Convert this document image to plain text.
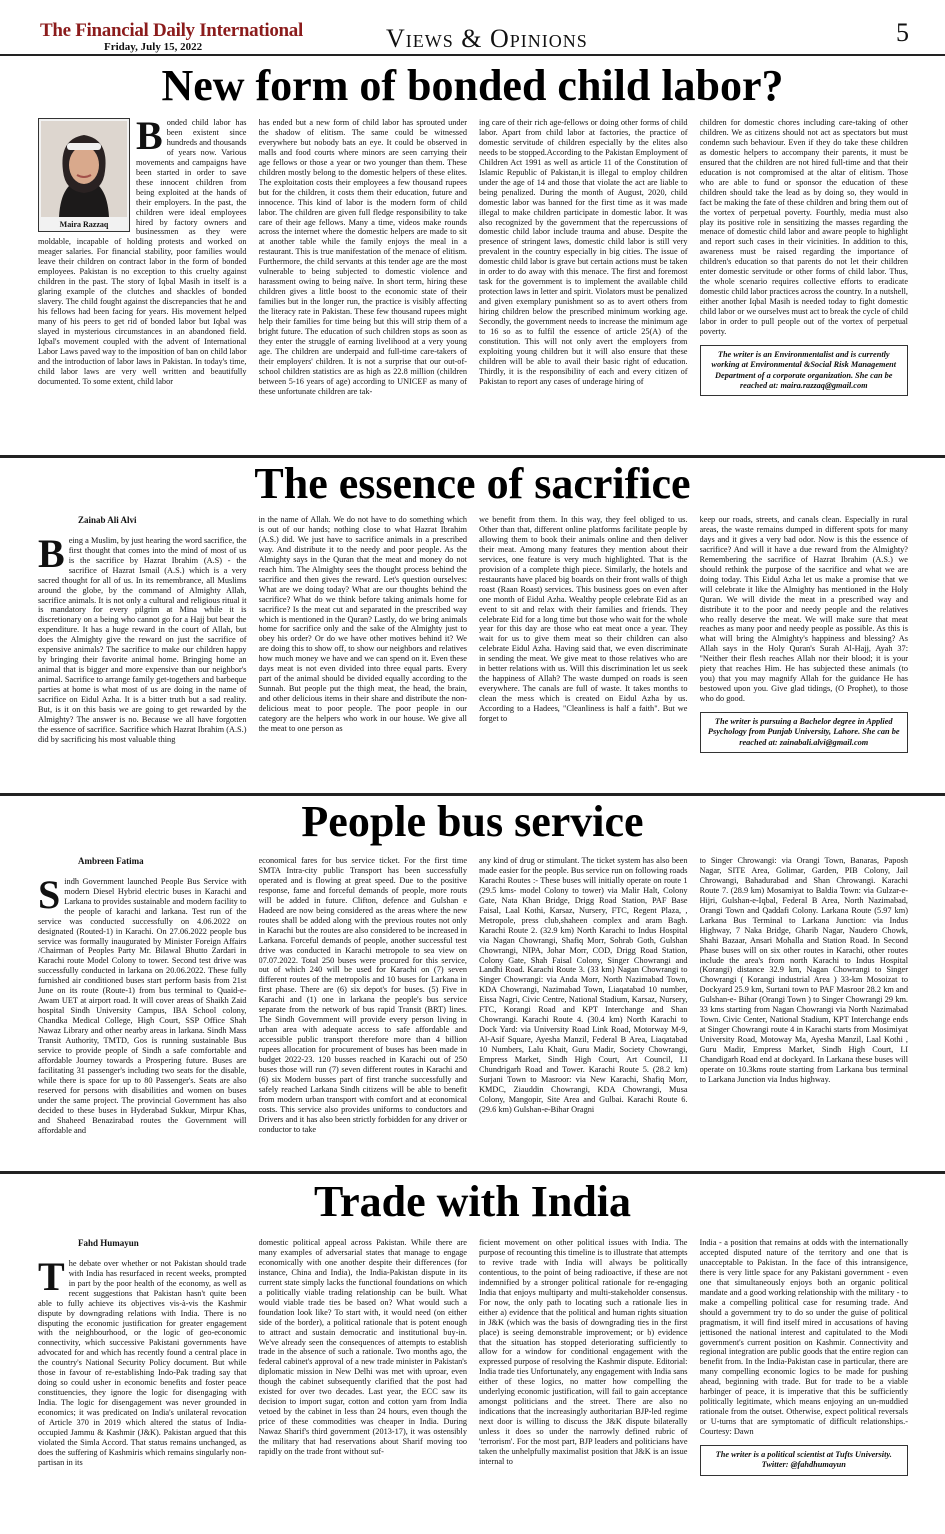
The Financial Daily International
Friday, July 15, 2022	Views & Opinions	5
New form of bonded child labor?
Maira Razzaq
B onded child labor has been existent since hundreds and thousands of years now. Various movements and campaigns have been started in order to save these innocent children from being exploited at the hands of their employers. In the past, the children were ideal employees hired by factory owners and businessmen as they were moldable, incapable of holding protests and worked on meager salaries. For financial stability, poor families would leave their children on contract labor in the form of bonded employees. Pakistan is no exception to this cruelty against children in the past. The story of Iqbal Masih in itself is a glaring example of the clutches and shackles of bonded slavery. The child fought against the discrepancies that he and his fellows had been facing for years. His movement helped many of his peers to get rid of bonded labor but Iqbal was slayed in mysterious circumstances in an abandoned field. Iqbal's movement coupled with the advent of International Labor Laws paved way to the imposition of ban on child labor and the introduction of labor laws in Pakistan. In today's time, child labor laws are very well written and beautifully documented. To some extent, child labor

has ended but a new form of child labor has sprouted under the shadow of elitism. The same could be witnessed everywhere but nobody bats an eye. It could be observed in malls and food courts where minors are seen carrying their age fellows or those a year or two younger than them. These children mostly belong to the domestic helpers of these elites. The exploitation costs their employees a few thousand rupees but for the children, it costs them their education, future and innocence. This kind of labor is the modern form of child labor. The children are given full fledge responsibility to take care of their age fellows. Many a time, videos make rounds across the internet where the domestic helpers are made to sit at another table while the family enjoys the meal in a restaurant. This is true manifestation of the menace of elitism. Furthermore, the child servants at this tender age are the most vulnerable to being subjected to domestic violence and harassment owing to being naïve. In short term, hiring these children gives a little boost to the economic state of their families but in the longer run, the practice is visibly affecting the literacy rate in Pakistan. These few thousand rupees might help their families for time being but this will strip them of a bright future. The education of such children stops as soon as they enter the struggle of earning livelihood at a very young age. The children are underpaid and full-time care-takers of their employers' children. It is not a surprise that our out-of-school children statistics are as high as 22.8 million (children between 5-16 years of age) according to UNICEF as many of these unfortunate children are tak-

ing care of their rich age-fellows or doing other forms of child labor. Apart from child labor at factories, the practice of domestic servitude of children especially by the elites also needs to be stopped.According to the Pakistan Employment of Children Act 1991 as well as article 11 of the Constitution of Islamic Republic of Pakistan,it is illegal to employ children under the age of 14 and those that violate the act are liable to being penalized. During the month of August, 2020, child domestic labor was banned for the first time as it was made illegal to make children participate in domestic labor. It was also recognized by the government that the repercussions of domestic child labor include trauma and abuse. Despite the presence of stringent laws, domestic child labor is still very prevalent in the country especially in big cities. The issue of domestic child labor is grave but certain actions must be taken in order to do away with this menace. The first and foremost task for the government is to implement the available child protection laws in letter and spirit. Violators must be penalized and given exemplary punishment so as to avert others from hiring children below the prescribed minimum working age. Secondly, the government needs to increase the minimum age to 16 so as to fulfil the essence of article 25(A) of the constitution. This will not only avert the employers from exploiting young children but it will also ensure that these children will be able to avail their basic right of education. Thirdly, it is the responsibility of each and every citizen of Pakistan to report any cases of underage hiring of

children for domestic chores including care-taking of other children. We as citizens should not act as spectators but must condemn such behaviour. Even if they do take these children as domestic helpers to accompany their parents, it must be ensured that the children are not hired full-time and that their education is not compromised at the altar of elitism. Those who are able to fund or sponsor the education of these children should take the lead as by doing so, they would in fact be making the fate of these children and bring them out of the vortex of perpetual poverty. Fourthly, media must also play its positive role in sensitizing the masses regarding the menace of domestic child labor and aware people to highlight and report such cases in their vicinities. In addition to this, awareness must be raised regarding the importance of children's education so that parents do not let their children enter domestic servitude or other forms of child labor. Thus, the whole scenario requires collective efforts to eradicate domestic child labor practices across the country. In a nutshell, either another Iqbal Masih is needed today to fight domestic child labor or we ourselves must act to break the cycle of child labor in order to pull people out of the vortex of perpetual poverty.

The writer is an Environmentalist and is currently working at Environmental &Social Risk Management Department of a corporate organization. She can be reached at: maira.razzaq@gmail.com
The essence of sacrifice
Zainab Ali Alvi
B eing a Muslim, by just hearing the word sacrifice, the first thought that comes into the mind of most of us is the sacrifice by Hazrat Ibrahim (A.S) - the sacrifice of Hazrat Ismail (A.S.) which is a very sacred thought for all of us. In its remembrance, all Muslims around the globe, by the command of Almighty Allah, sacrifice animals. It is not only a cultural and religious ritual it is mandatory for every pilgrim at Mina while it is discretionary on a being who cannot go for a Hajj but bear the expenditure. It has a huge reward in the court of Allah, but does the Almighty give the reward on just the sacrifice of expensive animals? The sacrifice to make our children happy by bringing their favorite animal home. Bringing home an animal that is bigger and more expensive than our neighbor's animal. Sacrifice to arrange family get-togethers and barbeque parties at home is what most of us are doing in the name of sacrifice on Eidul Azha. It is a bitter truth but a sad reality. But, is it on this basis we are going to get rewarded by the Almighty? The answer is no. Because we all have forgotten the essence of sacrifice. Sacrifice which Hazrat Ibrahim (A.S.) did by sacrificing his most valuable thing

in the name of Allah. We do not have to do something which is out of our hands; nothing close to what Hazrat Ibrahim (A.S.) did. We just have to sacrifice animals in a prescribed way. And distribute it to the needy and poor people. As the Almighty says in the Quran that the meat and money do not reach him. The Almighty sees the thought process behind the sacrifice and then gives the reward. Let's question ourselves: What are we doing today? What are our thoughts behind the sacrifice? What do we think before taking animals home for sacrifice? Is the meat cut and separated in the prescribed way which is mentioned in the Quran? Lastly, do we bring animals home for sacrifice only and the sake of the Almighty just to obey his order? Or do we have other motives behind it? We are doing this to show off, to show our neighbors and relatives how much money we have and we can spend on it. Even these days meat is not even divided into three equal parts. Every part of the animal should be divided equally according to the Sunnah. But people put the thigh meat, the head, the brain, and other delicious items in their share and distribute the non-delicious meat to poor people. The poor people in our category are the helpers who work in our house. We give all the meat to one person as

we benefit from them. In this way, they feel obliged to us. Other than that, different online platforms facilitate people by allowing them to book their animals online and then deliver their meat. Among many features they mention about their services, one feature is very much highlighted. That is the provision of a complete thigh piece. Similarly, the hotels and restaurants have placed big boards on their front walls of thigh roast (Raan Roast) services. This business goes on even after one month of Eidul Azha. Wealthy people celebrate Eid as an event to sit and relax with their families and friends. They celebrate Eid for a long time but those who wait for the whole year for this day are those who eat meat once a year. They wait for us to give them meat so their children can also celebrate Eidul Azha. Having said that, we even discriminate in sending the meat. We give meat to those relatives who are in better relations with us. Will this discrimination let us seek the happiness of Allah? The waste dumped on roads is seen everywhere. The canals are full of waste. It takes months to clean the mess which is created on Eidul Azha by us. According to a Hadees, "Cleanliness is half a faith". But we forget to

keep our roads, streets, and canals clean. Especially in rural areas, the waste remains dumped in different spots for many days and it gives a very bad odor. Now is this the essence of sacrifice? And will it have a due reward from the Almighty? Remembering the sacrifice of Hazrat Ibrahim (A.S.) we should rethink the purpose of the sacrifice and what we are doing today. This Eidul Azha let us make a promise that we will celebrate it like the Almighty has mentioned in the Holy Quran. We will divide the meat in a prescribed way and distribute it to the poor and needy people and the relatives who really deserve the meat. We will make sure that meat reaches as many poor and needy people as possible. As this is what will bring the Almighty's happiness and blessing? As Allah says in the Holy Quran's Surah Al-Hajj, Ayah 37: "Neither their flesh reaches Allah nor their blood; it is your piety that reaches Him. He has subjected these animals (to you) that you may magnify Allah for the guidance He has bestowed upon you. Give glad tidings, (O Prophet), to those who do good.

The writer is pursuing a Bachelor degree in Applied Psychology from Punjab University, Lahore. She can be reached at: zainabali.alvi@gmail.com
People bus service
Ambreen Fatima
S indh Government launched People Bus Service with modern Diesel Hybrid electric buses in Karachi and Larkana to provides sustainable and modern facility to the people of karachi and larkana. Test run of the service was conducted successfully on 4.06.2022 on designated (Routed-1) in Karachi. On 27.06.2022 people bus service was formally inaugurated by Minister Foreign Affairs /Chairman of Peoples Party Mr. Bilawal Bhutto Zardari in Karachi route Model Colony to tower. Second test drive was successfully conducted in larkana on 20.06.2022. These fully furnished air conditioned buses start perform basis from 21st June on its route (Route-1) from bus terminal to Quaid-e- Awam UET at airport road. It will cover areas of Shaikh Zaid hospital Sindh University Campus, IBA School colony, Chandka Medical College, High Court, SSP Office Shah Nawaz Library and other nearby areas in larkana. Sindh Mass Transit Authority, TMTD, Gos is running sustainable Bus service to provide people of Sindh a safe comfortable and affordable Journey towards a Prospering future. Buses are facilitating 31 passenger's including two seats for the disable, while there is space for up to 80 Passenger's. Seats are also reserved for persons with disabilities and women on buses under the same project. The provincial Government has also decided to these buses in Hyderabad Sukkur, Mirpur Khas, and Shaheed Benazirabad routes the Government will affordable and

economical fares for bus service ticket. For the first time SMTA Intra-city public Transport has been successfully operated and is flowing at great speed. Due to the positive response, fame and forceful demands of people, more routs will be added in future. Clifton, defence and Gulshan e Hadeed are now being considered as the areas where the new routes shall be added along with the previous routes not only in Karachi but the routes are also considered to be increased in Larkana. Forceful demands of people, another successful test drive was conducted in Karachi metropole to sea view on 07.07.2022. Total 250 buses were procured for this service, out of which 240 will be used for Karachi on (7) seven different routes of the metropolis and 10 buses for Larkana in first phase. There are (6) six depot's for buses. (5) Five in Karachi and (1) one in larkana the people's bus service separate from the network of bus rapid Transit (BRT) lines. The Sindh Government will provide every person living in urban area with adequate access to safe affordable and accessible public transport therefore more than 4 billion rupees allocation for procurement of buses has been made in budget 2022-23. 120 busses reached in Karachi out of 250 buses those will run (7) seven different routes in Karachi and (6) six Modern busses part of first tranche successfully and safely reached Larkana Sindh citizens will be able to benefit from modern urban transport with comfort and at economical costs. This service also provides uniforms to conductors and Drivers and it has also been strictly forbidden for any driver or conductor to take

any kind of drug or stimulant. The ticket system has also been made easier for the people. Bus service run on following roads Karachi Routes :- These buses will initially operate on route 1 (29.5 kms- model Colony to tower) via Malir Halt, Colony Gate, Nata Khan Bridge, Drigg Road Station, PAF Base Faisal, Laal Kothi, Karsaz, Nursery, FTC, Regent Plaza, , Metropole, press club,shaheen complex and aram Bagh. Karachi Route 2. (32.9 km) North Karachi to Indus Hospital via Nagan Chowrangi, Shafiq Morr, Sohrab Goth, Gulshan Chowrangi, NIPA, Johar Morr, COD, Drigg Road Station, Colony Gate, Shah Faisal Colony, Singer Chowrangi and Landhi Road. Karachi Route 3. (33 km) Nagan Chowrangi to Singer Chowrangi: via Anda Morr, North Nazimabad Town, KDA Chowrangi, Nazimabad Town, Liaqatabad 10 number, Eissa Nagri, Civic Centre, National Stadium, Karsaz, Nursery, FTC, Korangi Road and KPT Interchange and Shan Chowrangi. Karachi Route 4. (30.4 km) North Karachi to Dock Yard: via University Road Link Road, Motorway M-9, Al-Asif Square, Ayesha Manzil, Federal B Area, Liaqatabad 10 Numbers, Lalu Khait, Guru Madir, Society Chowrangi, Empress Market, Sindh High Court, Art Council, I.I Chundrigarh Road and Tower. Karachi Route 5. (28.2 km) Surjani Town to Masroor: via New Karachi, Shafiq Morr, KMDC, Ziauddin Chowrangi, KDA Chowrangi, Musa Colony, Mangopir, Site Area and Gulbai. Karachi Route 6. (29.6 km) Gulshan-e-Bihar Oragni

to Singer Chrowangi: via Orangi Town, Banaras, Paposh Nagar, SITE Area, Golimar, Garden, PIB Colony, Jail Chrowangi, Bahadurabad and Shan Chrowangi. Karachi Route 7. (28.9 km) Mosamiyat to Baldia Town: via Gulzar-e- Hijri, Gulshan-e-Iqbal, Federal B Area, North Nazimabad, Orangi Town and Qaddafi Colony. Larkana Route (5.97 km) Larkana Bus Terminal to Larkana Junction: via Indus Highway, 7 Naka Bridge, Gharib Nagar, Naudero Chowk, Shahi Bazaar, Ansari Mohalla and Station Road. In Second Phase buses will on six other routes in Karachi, other routes include the area's from north Karachi to Indus Hospital (Korangi) distance 32.9 km, Nagan Chowrangi to Singer Chowrangi ( Korangi industrial Area ) 33-km Mosoizat to Dockyard 25.9 km, Surtani town to PAF Masroor 28.2 km and Gulshan-e- Bihar (Orangi Town ) to Singer Chowrangi 29 km. 33 kms starting from Nagan Chowrangi via North Nazimabad Town. Civic Center, National Stadium, KPT Interchange ends at Singer Chowrangi route 4 in Karachi starts from Mosimiyat University Road, Motoway Ma, Ayesha Manzil, Laal Kothi , Guru Madir, Empress Market, Sindh High Court, I.I Chandigarh Road end at dockyard. In Larkana these buses will operate on 10.3kms route starting from Larkana bus terminal to Larkana Junction via Indus highway.

Trade with India
Fahd Humayun
T he debate over whether or not Pakistan should trade with India has resurfaced in recent weeks, prompted in part by the poor health of the economy, as well as recent suggestions that Pakistan hasn't quite been able to fully achieve its objectives vis-à-vis the Kashmir dispute by downgrading relations with India. There is no disputing the economic justification for greater engagement with the neighbourhood, or the logic of geo-economic connectivity, which successive Pakistani governments have advocated for and which has recently found a central place in the country's National Security Policy document. But while those in favour of re-establishing Indo-Pak trading say that doing so could usher in economic benefits and foster peace constituencies, they ignore the logic for disengaging with India. The logic for disengagement was never grounded in economics; it was predicated on India's unilateral revocation of Article 370 in 2019 which altered the status of India-occupied Jammu & Kashmir (J&K). Pakistan argued that this violated the Simla Accord. That status remains unchanged, as does the suffering of Kashmiris which remains singularly non-partisan in its

domestic political appeal across Pakistan. While there are many examples of adversarial states that manage to engage economically with one another despite their differences (for instance, China and India), the India-Pakistan dispute in its current state simply lacks the functional foundations on which a politically viable trading relationship can be built. What would viable trade ties be based on? What would such a foundation look like? To start with, it would need (on either side of the border), a political rationale that is potent enough to attract and sustain democratic and institutional buy-in. We've already seen the consequences of attempts to establish trade in the absence of such a rationale. Two months ago, the federal cabinet's approval of a new trade minister in Pakistan's diplomatic mission in New Delhi was met with uproar, even though the cabinet subsequently clarified that the post had existed for over two decades. Last year, the ECC saw its decision to import sugar, cotton and cotton yarn from India vetoed by the cabinet in less than 24 hours, even though the price of these commodities was cheaper in India. During Nawaz Sharif's third government (2013-17), it was ostensibly the military that had reservations about Sharif moving too rapidly on the trade front without suf-

ficient movement on other political issues with India. The purpose of recounting this timeline is to illustrate that attempts to revive trade with India will always be politically contentious, to the point of being radioactive, if these are not indemnified by a stronger political rationale for re-engaging India that enjoys multiparty and multi-stakeholder consensus. For now, the only path to locating such a rationale lies in either a) evidence that the political and human rights situation in J&K (which was the basis of downgrading ties in the first place) is seeing demonstrable improvement; or b) evidence that the situation has stopped deteriorating sufficiently to allow for a window for conditional engagement with the expressed purpose of resolving the Kashmir dispute. Editorial: India trade ties Unfortunately, any engagement with India sans either of these logics, no matter how compelling the underlying economic justification, will fail to gain acceptance amongst politicians and the street. There are also no indications that the increasingly authoritarian BJP-led regime next door is willing to discuss the J&K dispute bilaterally unless it does so under the narrowly defined rubric of 'terrorism'. For the most part, BJP leaders and politicians have taken the unhelpfully maximalist position that J&K is an issue internal to

India - a position that remains at odds with the internationally accepted disputed nature of the territory and one that is unacceptable to Pakistan. In the face of this intransigence, there is very little space for any Pakistani government - even one that simultaneously enjoys both an organic political mandate and a good working relationship with the military - to make a compelling political case for resuming trade. And should a government try to do so under the guise of political pragmatism, it will find itself mired in accusations of having jettisoned the national interest and capitulated to the Modi government's current position on Kashmir. Connectivity and regional integration are public goods that the entire region can benefit from. In the India-Pakistan case in particular, there are many compelling economic logics to be made for pushing ahead, beginning with trade. But for trade to be a viable harbinger of peace, it is imperative that this be sufficiently politically legitimate, which means enjoying an un-muddied rationale from the outset. Otherwise, expect political reversals or U-turns that are symptomatic of difficult relationships.-Courtesy: Dawn

The writer is a political scientist at Tufts University. Twitter: @fahdhumayun
